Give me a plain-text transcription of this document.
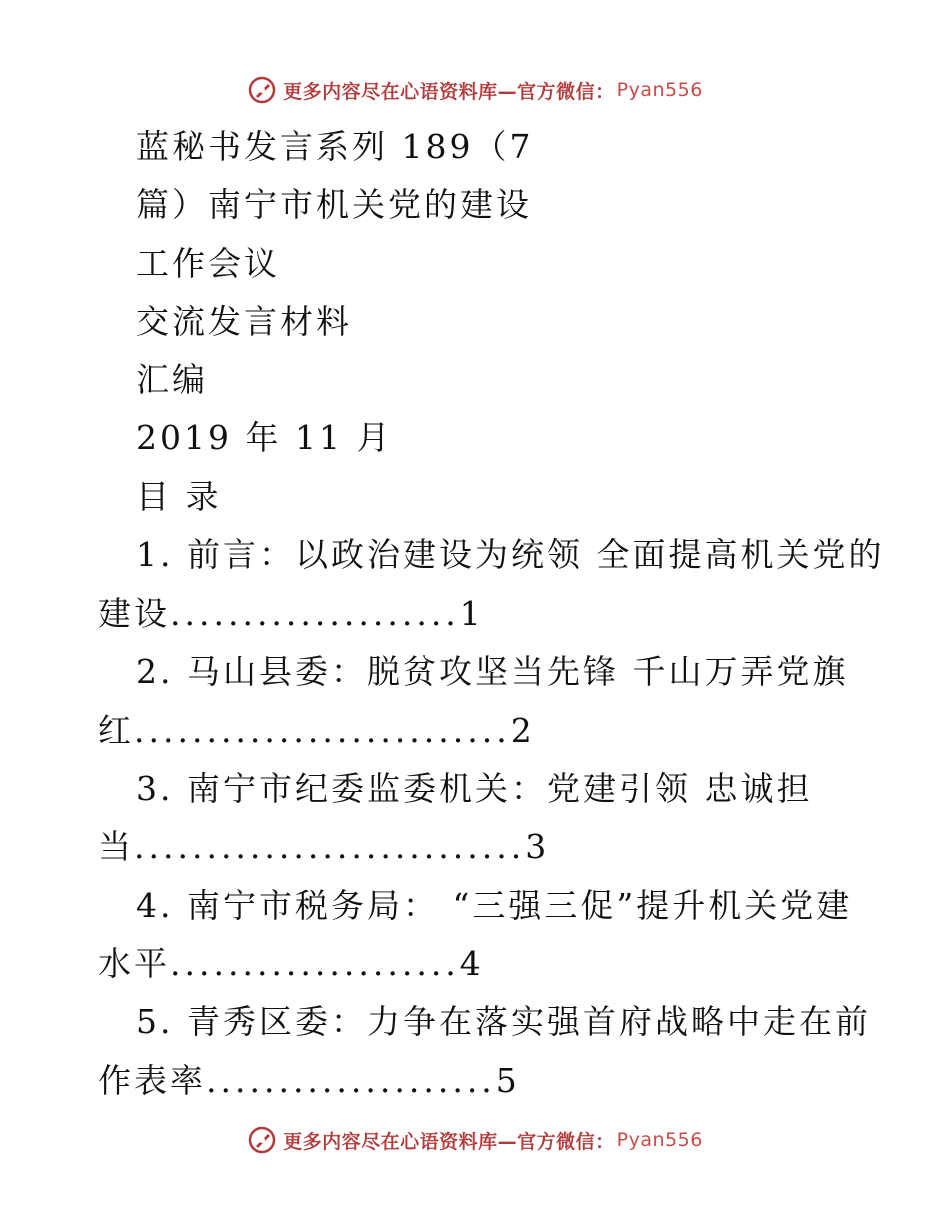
更多内容尽在心语资料库—官方微信： Pyan556
蓝秘书发言系列 189（7
篇）南宁市机关党的建设
工作会议
交流发言材料
汇编
2019 年 11 月
目 录
1. 前言：以政治建设为统领 全面提高机关党的
建设....................1
2. 马山县委：脱贫攻坚当先锋 千山万弄党旗
红..........................2
3. 南宁市纪委监委机关：党建引领 忠诚担
当...........................3
4. 南宁市税务局： “三强三促”提升机关党建
水平....................4
5. 青秀区委：力争在落实强首府战略中走在前
作表率....................5
更多内容尽在心语资料库—官方微信： Pyan556
